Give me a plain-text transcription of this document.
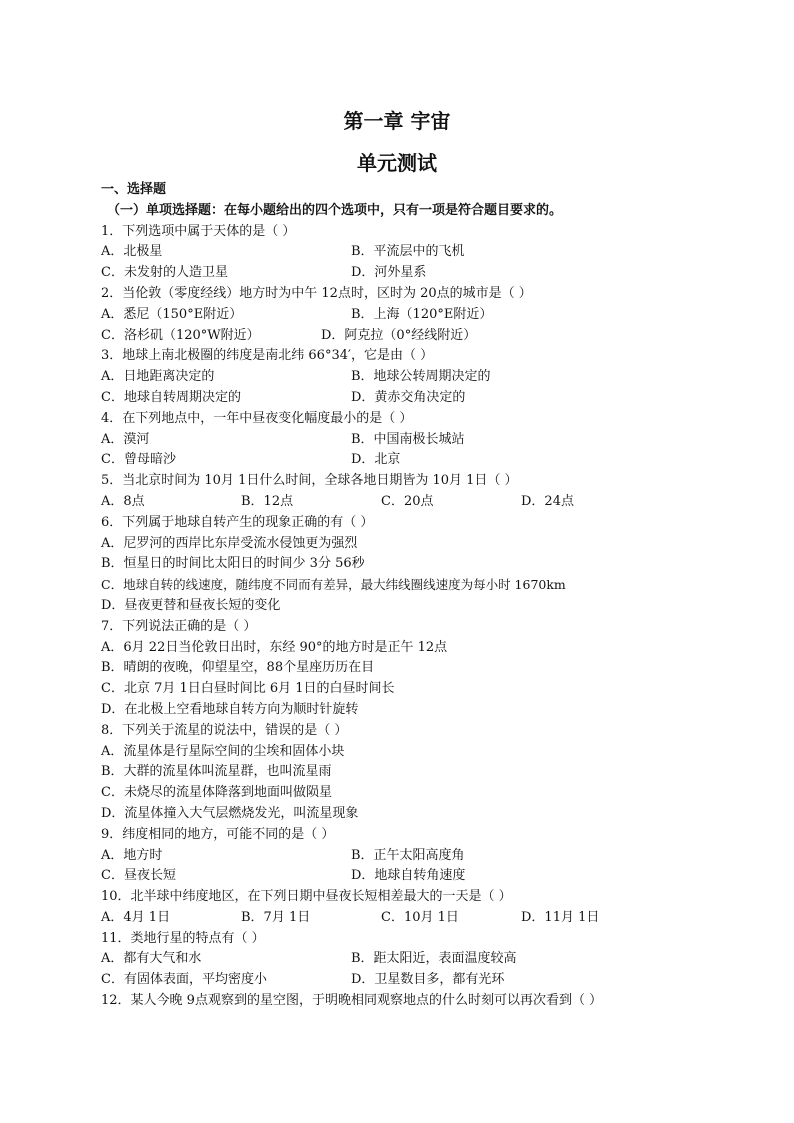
第一章 宇宙
单元测试
一、选择题
（一）单项选择题：在每小题给出的四个选项中，只有一项是符合题目要求的。
1．下列选项中属于天体的是（ ）
A．北极星	B．平流层中的飞机
C．未发射的人造卫星	D．河外星系
2．当伦敦（零度经线）地方时为中午 12点时，区时为 20点的城市是（ ）
A．悉尼（150°E附近）	B．上海（120°E附近）
C．洛杉矶（120°W附近）	D．阿克拉（0°经线附近）
3．地球上南北极圈的纬度是南北纬 66°34′，它是由（ ）
A．日地距离决定的	B．地球公转周期决定的
C．地球自转周期决定的	D．黄赤交角决定的
4．在下列地点中，一年中昼夜变化幅度最小的是（ ）
A．漠河	B．中国南极长城站
C．曾母暗沙	D．北京
5．当北京时间为 10月 1日什么时间，全球各地日期皆为 10月 1日（ ）
A．8点	B．12点	C．20点	D．24点
6．下列属于地球自转产生的现象正确的有（ ）
A．尼罗河的西岸比东岸受流水侵蚀更为强烈
B．恒星日的时间比太阳日的时间少 3分 56秒
C．地球自转的线速度，随纬度不同而有差异，最大纬线圈线速度为每小时 1670km
D．昼夜更替和昼夜长短的变化
7．下列说法正确的是（ ）
A．6月 22日当伦敦日出时，东经 90°的地方时是正午 12点
B．晴朗的夜晚，仰望星空，88个星座历历在目
C．北京 7月 1日白昼时间比 6月 1日的白昼时间长
D．在北极上空看地球自转方向为顺时针旋转
8．下列关于流星的说法中，错误的是（ ）
A．流星体是行星际空间的尘埃和固体小块
B．大群的流星体叫流星群，也叫流星雨
C．未烧尽的流星体降落到地面叫做陨星
D．流星体撞入大气层燃烧发光，叫流星现象
9．纬度相同的地方，可能不同的是（ ）
A．地方时	B．正午太阳高度角
C．昼夜长短	D．地球自转角速度
10．北半球中纬度地区，在下列日期中昼夜长短相差最大的一天是（ ）
A．4月 1日	B．7月 1日	C．10月 1日	D．11月 1日
11．类地行星的特点有（ ）
A．都有大气和水	B．距太阳近，表面温度较高
C．有固体表面，平均密度小	D．卫星数目多，都有光环
12．某人今晚 9点观察到的星空图，于明晚相同观察地点的什么时刻可以再次看到（ ）
